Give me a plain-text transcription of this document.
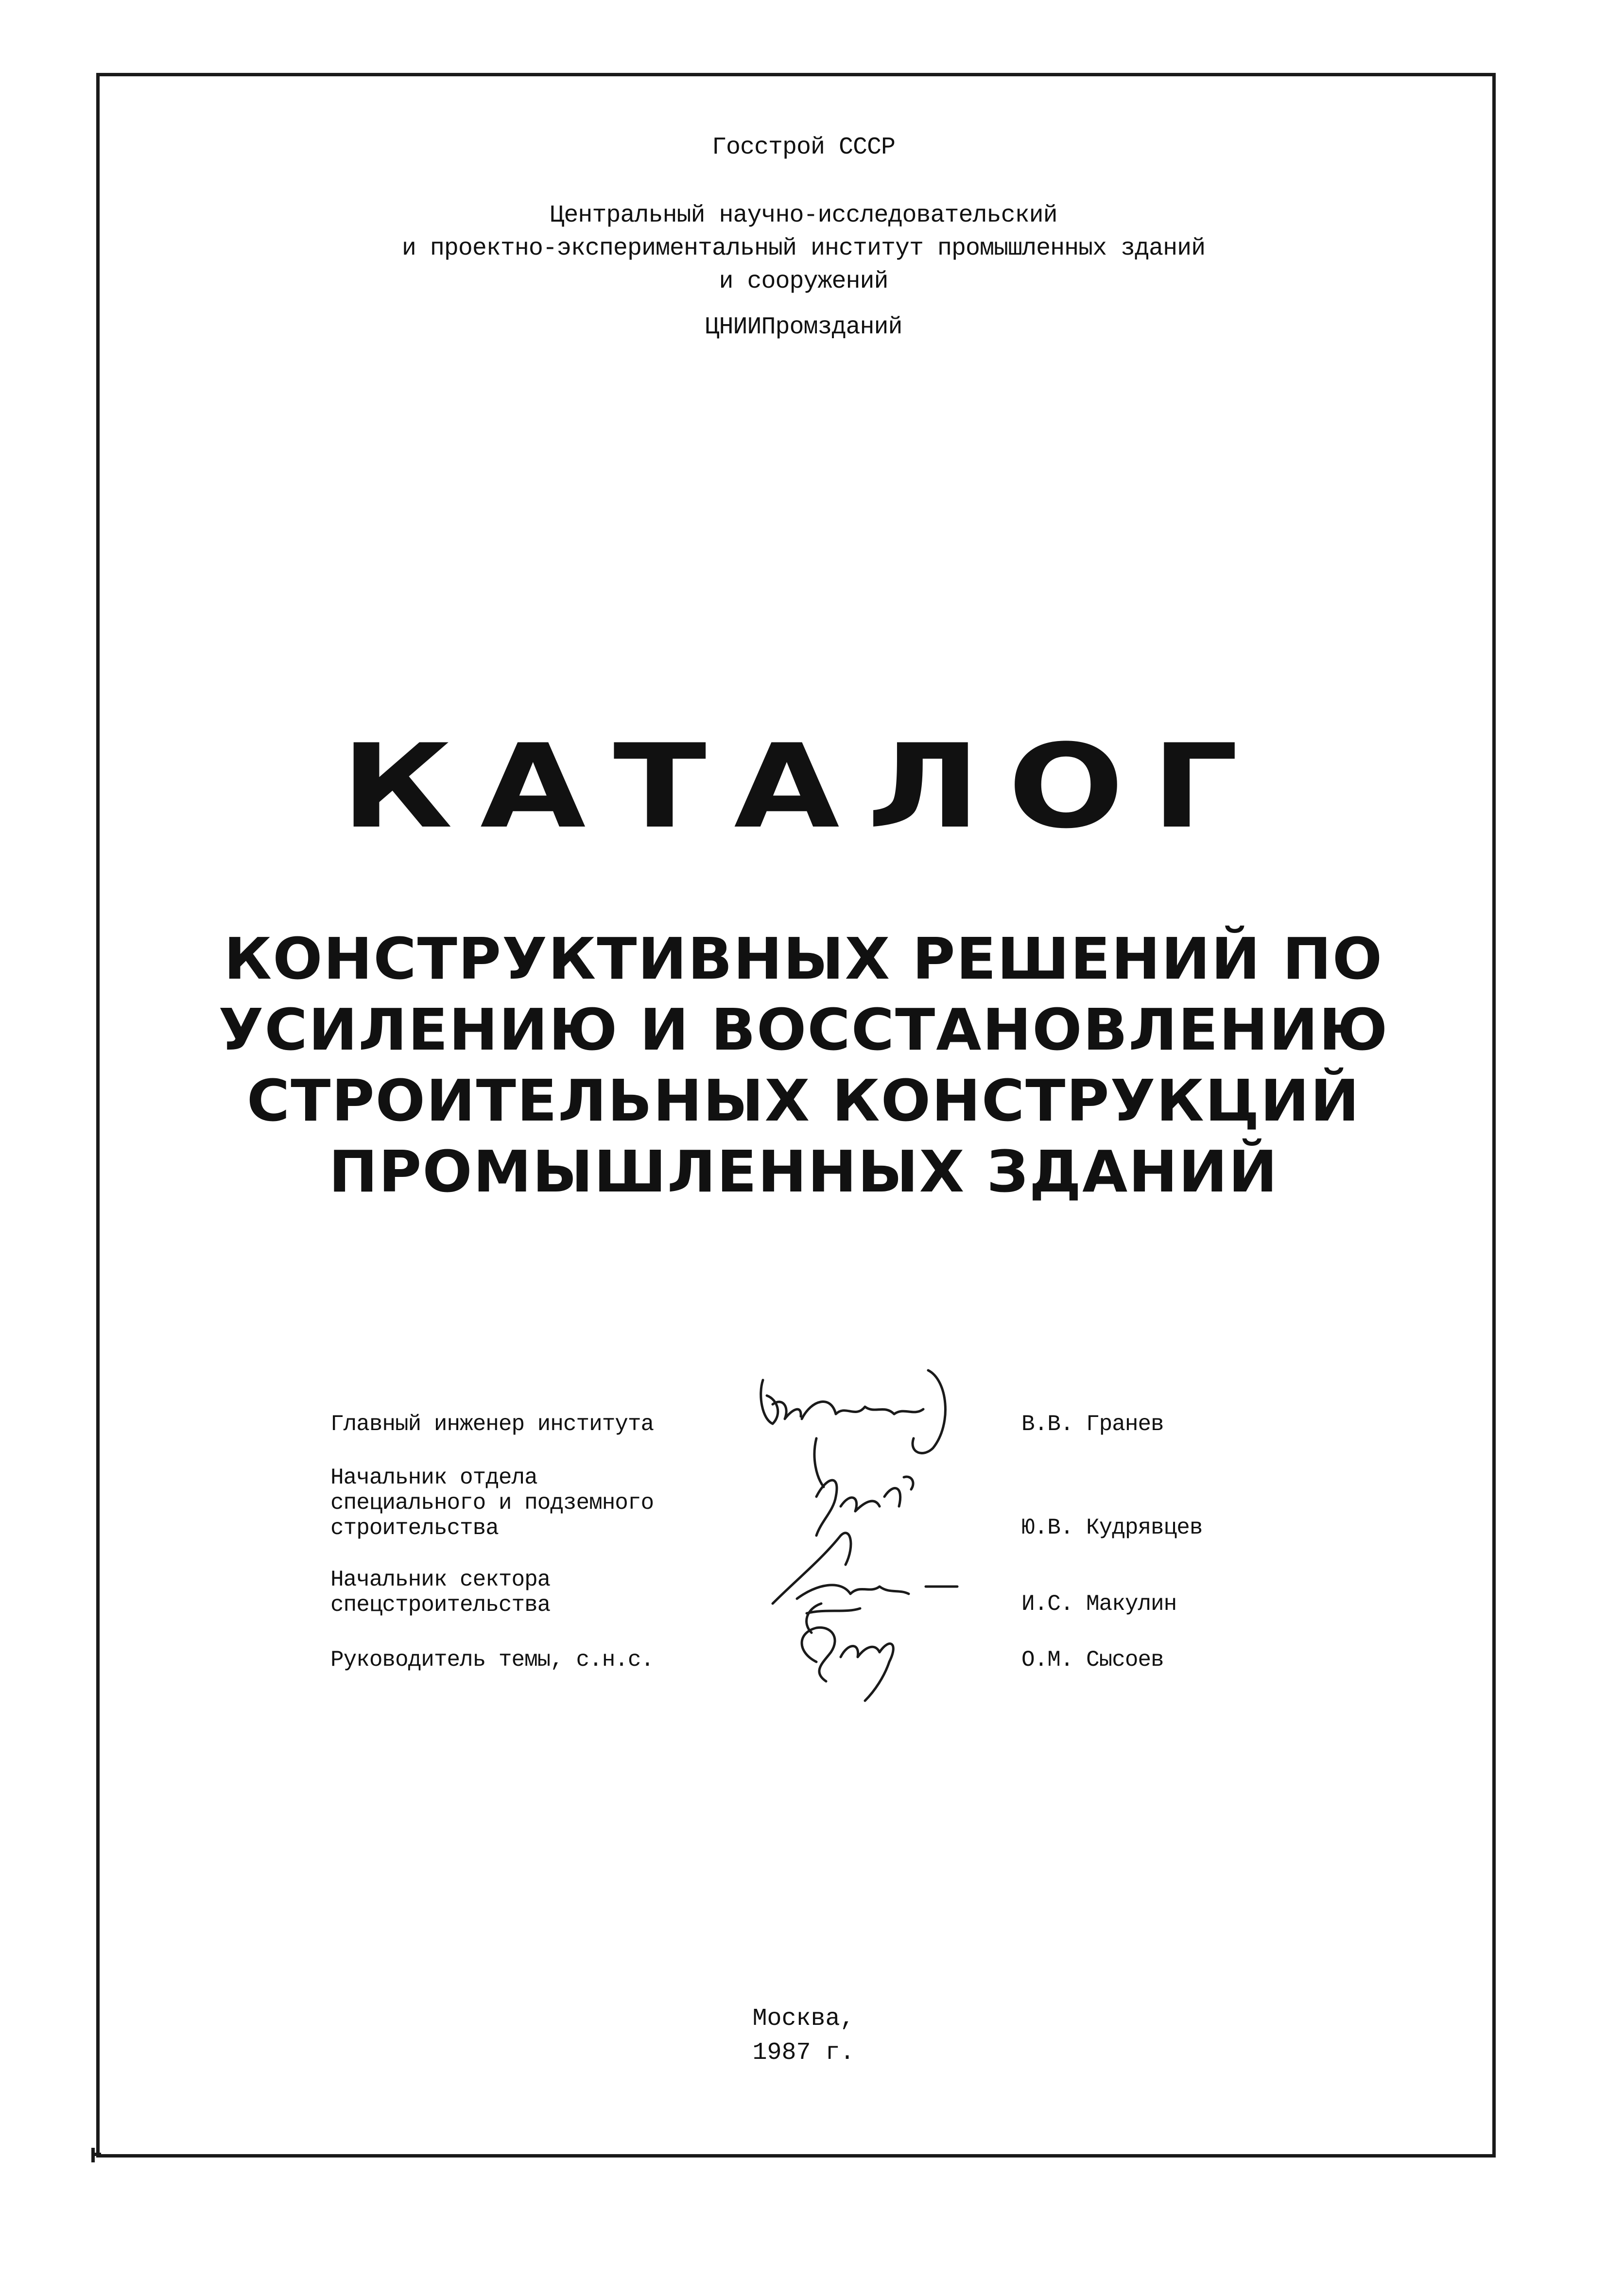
Госстрой СССР
Центральный научно-исследовательский
и проектно-экспериментальный институт промышленных зданий
и сооружений
ЦНИИПромзданий
КАТАЛОГ
КОНСТРУКТИВНЫХ РЕШЕНИЙ ПО
УСИЛЕНИЮ И ВОССТАНОВЛЕНИЮ
СТРОИТЕЛЬНЫХ КОНСТРУКЦИЙ
ПРОМЫШЛЕННЫХ ЗДАНИЙ
Главный инженер института	В.В. Гранев
Начальник отдела
специального и подземного
строительства	Ю.В. Кудрявцев
Начальник сектора
спецстроительства	И.С. Макулин
Руководитель темы, с.н.с.	О.М. Сысоев
Москва,
1987 г.
